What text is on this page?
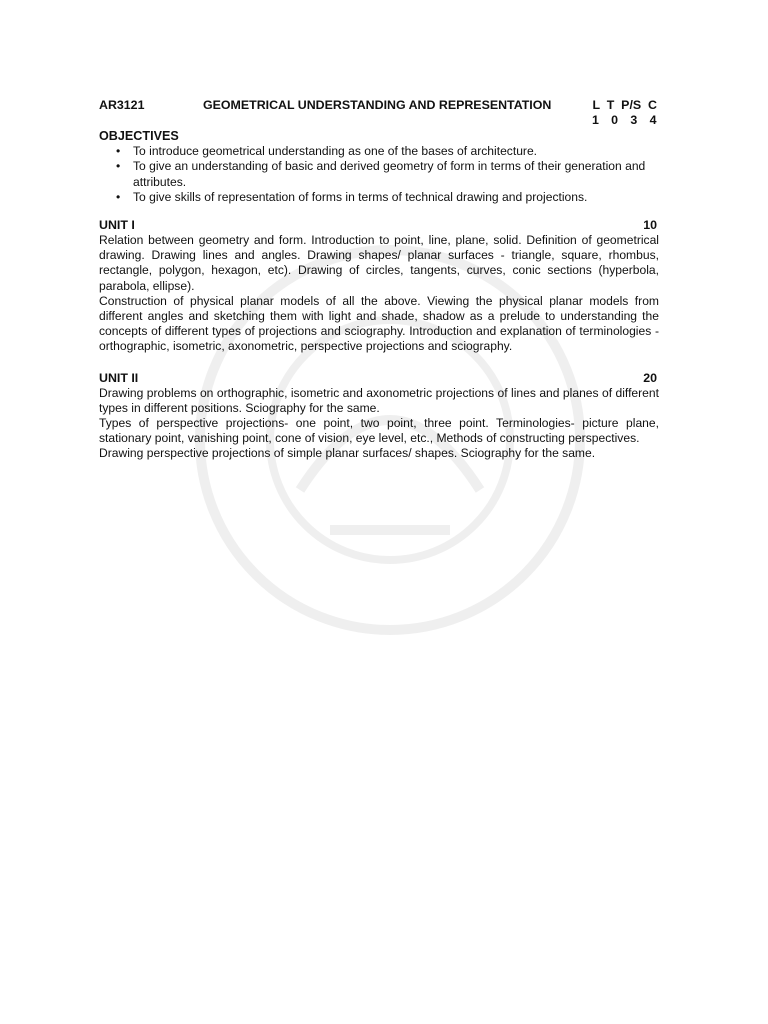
AR3121	GEOMETRICAL UNDERSTANDING AND REPRESENTATION	L  T  P/S  C
1   0   3   4
OBJECTIVES
• To introduce geometrical understanding as one of the bases of architecture.
• To give an understanding of basic and derived geometry of form in terms of their generation and attributes.
• To give skills of representation of forms in terms of technical drawing and projections.
UNIT I	10

Relation between geometry and form. Introduction to point, line, plane, solid. Definition of geometrical drawing. Drawing lines and angles. Drawing shapes/ planar surfaces - triangle, square, rhombus, rectangle, polygon, hexagon, etc). Drawing of circles, tangents, curves, conic sections (hyperbola, parabola, ellipse).

Construction of physical planar models of all the above. Viewing the physical planar models from different angles and sketching them with light and shade, shadow as a prelude to understanding the concepts of different types of projections and sciography. Introduction and explanation of terminologies - orthographic, isometric, axonometric, perspective projections and sciography.

UNIT II	20

Drawing problems on orthographic, isometric and axonometric projections of lines and planes of different types in different positions. Sciography for the same.

Types of perspective projections- one point, two point, three point. Terminologies- picture plane, stationary point, vanishing point, cone of vision, eye level, etc., Methods of constructing perspectives.

Drawing perspective projections of simple planar surfaces/ shapes. Sciography for the same.
